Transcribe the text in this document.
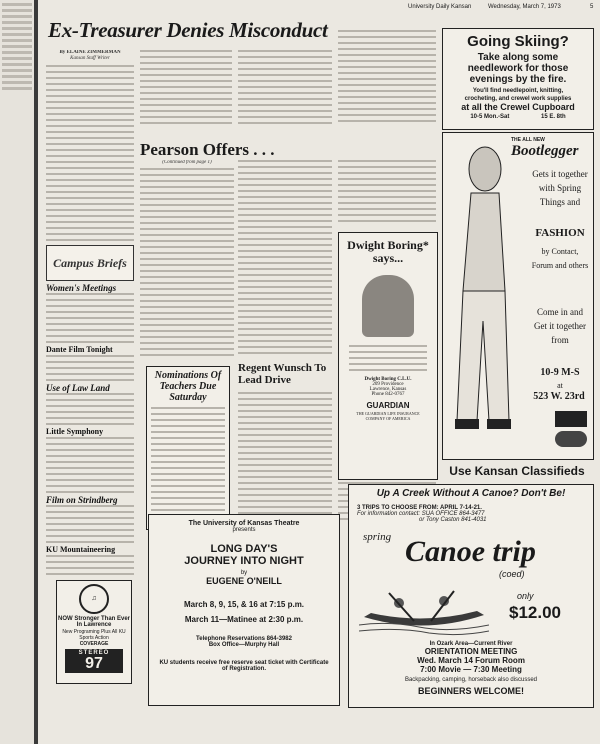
University Daily Kansan	Wednesday, March 7, 1973	5
Ex-Treasurer Denies Misconduct
By ELAINE ZIMMERMAN
Kansan Staff Writer
Campus Briefs
Women's Meetings
Dante Film Tonight
Use of Law Land
Little Symphony
Film on Strindberg
KU Mountaineering
♫
NOW Stronger Than Ever In Lawrence
New Programing Plus All KU Sports Action
COVERAGE
STEREO
97
Pearson Offers . . .
(Continued from page 1)
Nominations Of Teachers Due Saturday
Regent Wunsch To Lead Drive
Dwight Boring* says...
Dwight Boring C.L.U.
209 Providence
Lawrence, Kansas
Phone 842-0767
GUARDIAN
THE GUARDIAN LIFE INSURANCE COMPANY OF AMERICA
Going Skiing?
Take along some
needlework for those
evenings by the fire.
You'll find needlepoint, knitting,
crocheting, and crewel work supplies
at all the Crewel Cupboard
10-5 Mon.-Sat	15 E. 8th
THE ALL NEW
Bootlegger
Gets it together with Spring Things and
FASHION
by Contact, Forum and others
Come in and Get it together from
10-9 M-S
at
523 W. 23rd
Use Kansan Classifieds
The University of Kansas Theatre
presents
LONG DAY'S
JOURNEY INTO NIGHT
by
EUGENE O'NEILL
March 8, 9, 15, & 16 at 7:15 p.m.
March 11—Matinee at 2:30 p.m.
Telephone Reservations 864-3982
Box Office—Murphy Hall
KU students receive free reserve seat ticket with Certificate of Registration.
Up A Creek Without A Canoe? Don't Be!
3 TRIPS TO CHOOSE FROM: APRIL 7-14-21.
For information contact: SUA OFFICE 864-3477
or Tony Caston 841-4031
spring Canoe trip
(coed)
only
$12.00
In Ozark Area—Current River
ORIENTATION MEETING
Wed. March 14 Forum Room
7:00 Movie — 7:30 Meeting
Backpacking, camping, horseback also discussed
BEGINNERS WELCOME!
